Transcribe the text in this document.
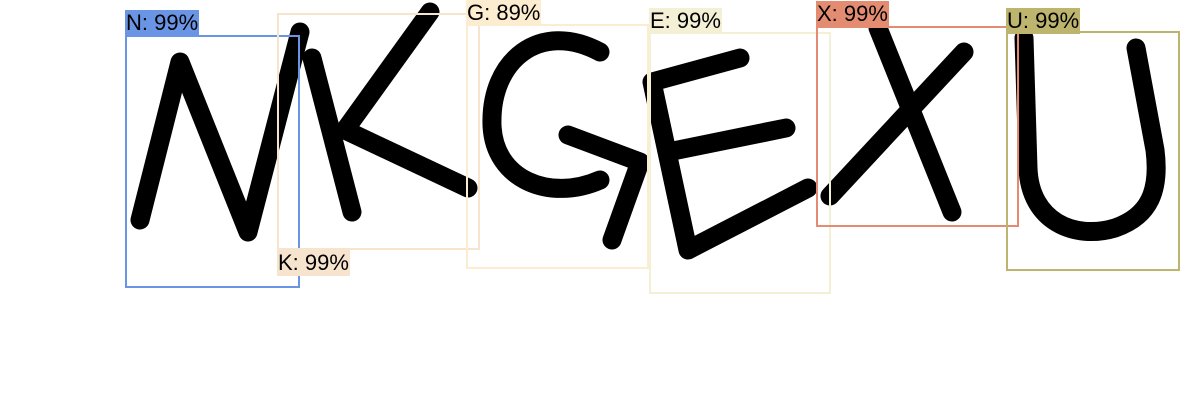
N: 99%
K: 99%
G: 89%	E: 99%	X: 99%	U: 99%
